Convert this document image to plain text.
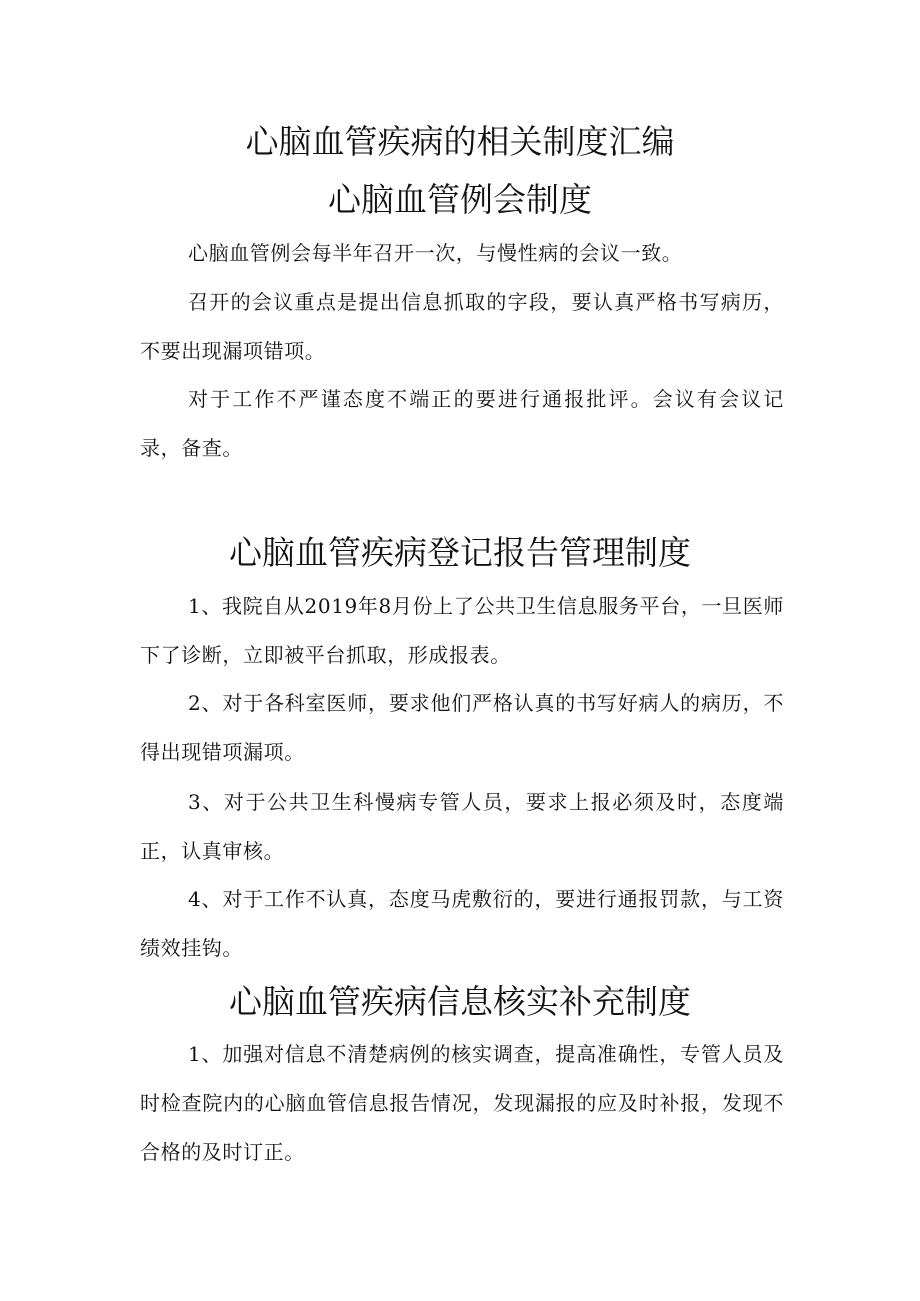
心脑血管疾病的相关制度汇编
心脑血管例会制度

心脑血管例会每半年召开一次，与慢性病的会议一致。

召开的会议重点是提出信息抓取的字段，要认真严格书写病历，不要出现漏项错项。

对于工作不严谨态度不端正的要进行通报批评。会议有会议记录，备查。

心脑血管疾病登记报告管理制度

1、我院自从2019年8月份上了公共卫生信息服务平台，一旦医师下了诊断，立即被平台抓取，形成报表。

2、对于各科室医师，要求他们严格认真的书写好病人的病历，不得出现错项漏项。

3、对于公共卫生科慢病专管人员，要求上报必须及时，态度端正，认真审核。

4、对于工作不认真，态度马虎敷衍的，要进行通报罚款，与工资绩效挂钩。

心脑血管疾病信息核实补充制度

1、加强对信息不清楚病例的核实调查，提高准确性，专管人员及时检查院内的心脑血管信息报告情况，发现漏报的应及时补报，发现不合格的及时订正。
